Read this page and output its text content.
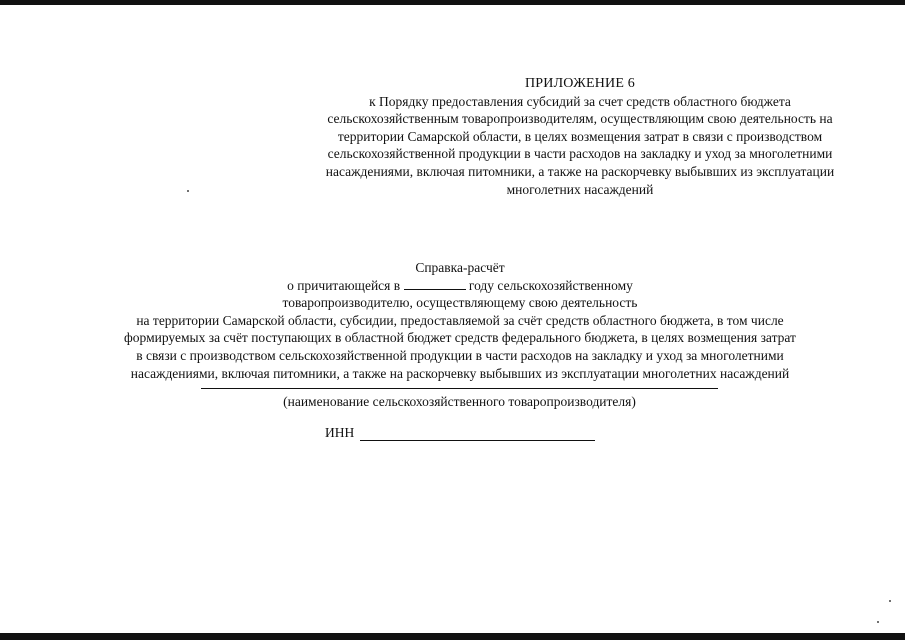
ПРИЛОЖЕНИЕ 6
к Порядку предоставления субсидий за счет средств областного бюджета
сельскохозяйственным товаропроизводителям, осуществляющим свою деятельность на
территории Самарской области, в целях возмещения затрат в связи с производством
сельскохозяйственной продукции в части расходов на закладку и уход за многолетними
насаждениями, включая питомники, а также на раскорчевку выбывших из эксплуатации
многолетних насаждений
Справка-расчёт
о причитающейся в	году сельскохозяйственному
товаропроизводителю, осуществляющему свою деятельность
на территории Самарской области, субсидии, предоставляемой за счёт средств областного бюджета, в том числе
формируемых за счёт поступающих в областной бюджет средств федерального бюджета, в целях возмещения затрат
в связи с производством сельскохозяйственной продукции в части расходов на закладку и уход за многолетними
насаждениями, включая питомники, а также на раскорчевку выбывших из эксплуатации многолетних насаждений
(наименование сельскохозяйственного товаропроизводителя)
ИНН
